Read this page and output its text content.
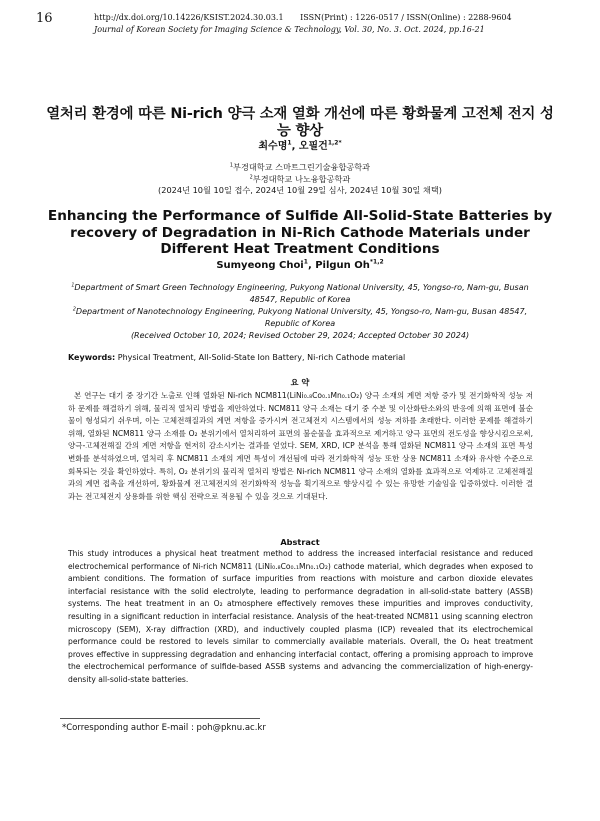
16	http://dx.doi.org/10.14226/KSIST.2024.30.03.1 ISSN(Print) : 1226-0517 / ISSN(Online) : 2288-9604
Journal of Korean Society for Imaging Science & Technology, Vol. 30, No. 3. Oct. 2024, pp.16-21
열처리 환경에 따른 Ni-rich 양극 소재 열화 개선에 따른 황화물계 고전체 전지 성능 향상
최수명$^1$, 오필건$^{1,2*}$
$^1$부경대학교 스마트그린기술융합공학과
$^2$부경대학교 나노융합공학과
(2024년 10월 10일 접수, 2024년 10월 29일 심사, 2024년 10월 30일 채택)
Enhancing the Performance of Sulfide All-Solid-State Batteries by recovery of Degradation in Ni-Rich Cathode Materials under Different Heat Treatment Conditions
Sumyeong Choi$^1$, Pilgun Oh$^{*1,2}$
$^1$Department of Smart Green Technology Engineering, Pukyong National University, 45, Yongso-ro, Nam-gu, Busan 48547, Republic of Korea
$^2$Department of Nanotechnology Engineering, Pukyong National University, 45, Yongso-ro, Nam-gu, Busan 48547, Republic of Korea
(Received October 10, 2024; Revised October 29, 2024; Accepted October 30 2024)
Keywords: Physical Treatment, All-Solid-State Ion Battery, Ni-rich Cathode material
요 약
본 연구는 대기 중 장기간 노출로 인해 열화된 Ni-rich NCM811(LiNi₀.₈Co₀.₁Mn₀.₁O₂) 양극 소재의 계면 저항 증가 및 전기화학적 성능 저하 문제를 해결하기 위해, 물리적 열처리 방법을 제안하였다. NCM811 양극 소재는 대기 중 수분 및 이산화탄소와의 반응에 의해 표면에 불순물이 형성되기 쉬우며, 이는 고체전해질과의 계면 저항을 증가시켜 전고체전지 시스템에서의 성능 저하를 초래한다. 이러한 문제를 해결하기 위해, 열화된 NCM811 양극 소재를 O₂ 분위기에서 열처리하여 표면의 불순물을 효과적으로 제거하고 양극 표면의 전도성을 향상시킴으로써, 양극-고체전해질 간의 계면 저항을 현저히 감소시키는 결과를 얻었다. SEM, XRD, ICP 분석을 통해 열화된 NCM811 양극 소재의 표면 특성 변화를 분석하였으며, 열처리 후 NCM811 소재의 계면 특성이 개선됨에 따라 전기화학적 성능 또한 상용 NCM811 소재와 유사한 수준으로 회복되는 것을 확인하였다. 특히, O₂ 분위기의 물리적 열처리 방법은 Ni-rich NCM811 양극 소재의 열화를 효과적으로 억제하고 고체전해질과의 계면 접촉을 개선하여, 황화물계 전고체전지의 전기화학적 성능을 획기적으로 향상시킬 수 있는 유망한 기술임을 입증하였다. 이러한 결과는 전고체전지 상용화를 위한 핵심 전략으로 적용될 수 있을 것으로 기대된다.
Abstract
This study introduces a physical heat treatment method to address the increased interfacial resistance and reduced electrochemical performance of Ni-rich NCM811 (LiNi₀.₈Co₀.₁Mn₀.₁O₂) cathode material, which degrades when exposed to ambient conditions. The formation of surface impurities from reactions with moisture and carbon dioxide elevates interfacial resistance with the solid electrolyte, leading to performance degradation in all-solid-state battery (ASSB) systems. The heat treatment in an O₂ atmosphere effectively removes these impurities and improves conductivity, resulting in a significant reduction in interfacial resistance. Analysis of the heat-treated NCM811 using scanning electron microscopy (SEM), X-ray diffraction (XRD), and inductively coupled plasma (ICP) revealed that its electrochemical performance could be restored to levels similar to commercially available materials. Overall, the O₂ heat treatment proves effective in suppressing degradation and enhancing interfacial contact, offering a promising approach to improve the electrochemical performance of sulfide-based ASSB systems and advancing the commercialization of high-energy-density all-solid-state batteries.
*Corresponding author E-mail : poh@pknu.ac.kr
